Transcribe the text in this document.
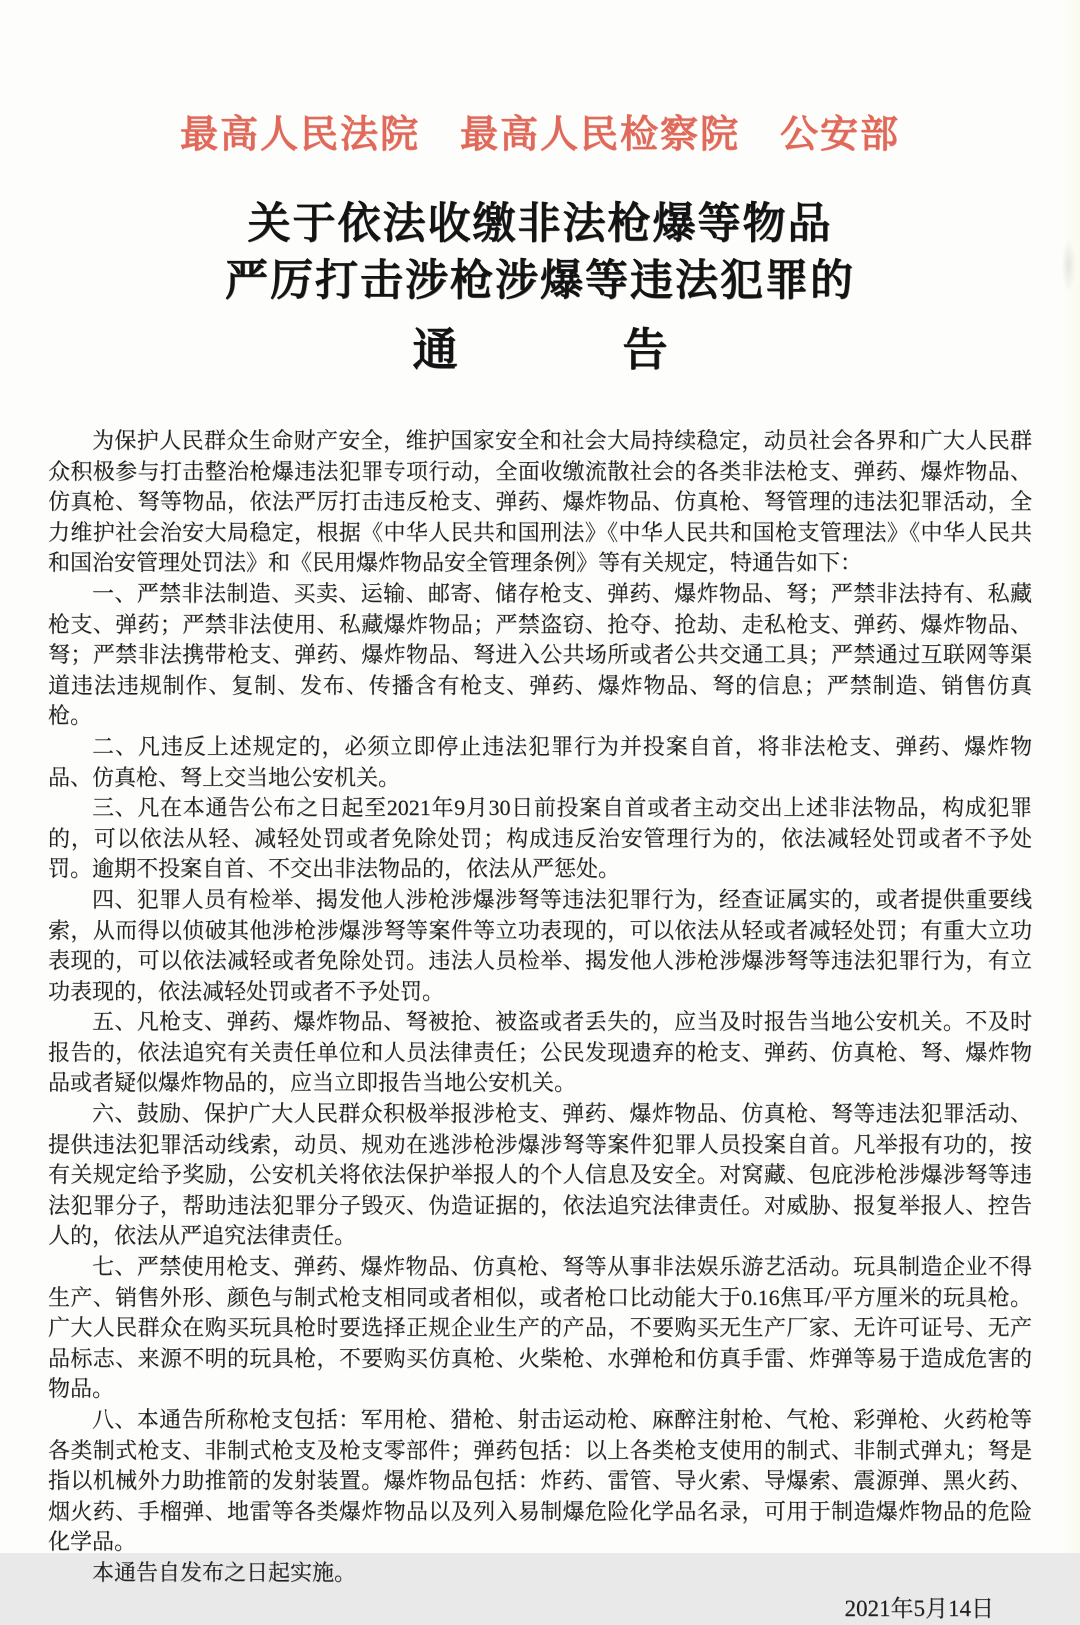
最高人民法院 最高人民检察院 公安部
关于依法收缴非法枪爆等物品
严厉打击涉枪涉爆等违法犯罪的
通	告

为保护人民群众生命财产安全，维护国家安全和社会大局持续稳定，动员社会各界和广大人民群众积极参与打击整治枪爆违法犯罪专项行动，全面收缴流散社会的各类非法枪支、弹药、爆炸物品、仿真枪、弩等物品，依法严厉打击违反枪支、弹药、爆炸物品、仿真枪、弩管理的违法犯罪活动，全力维护社会治安大局稳定，根据《中华人民共和国刑法》《中华人民共和国枪支管理法》《中华人民共和国治安管理处罚法》和《民用爆炸物品安全管理条例》等有关规定，特通告如下：

一、严禁非法制造、买卖、运输、邮寄、储存枪支、弹药、爆炸物品、弩；严禁非法持有、私藏枪支、弹药；严禁非法使用、私藏爆炸物品；严禁盗窃、抢夺、抢劫、走私枪支、弹药、爆炸物品、弩；严禁非法携带枪支、弹药、爆炸物品、弩进入公共场所或者公共交通工具；严禁通过互联网等渠道违法违规制作、复制、发布、传播含有枪支、弹药、爆炸物品、弩的信息；严禁制造、销售仿真枪。

二、凡违反上述规定的，必须立即停止违法犯罪行为并投案自首，将非法枪支、弹药、爆炸物品、仿真枪、弩上交当地公安机关。

三、凡在本通告公布之日起至2021年9月30日前投案自首或者主动交出上述非法物品，构成犯罪的，可以依法从轻、减轻处罚或者免除处罚；构成违反治安管理行为的，依法减轻处罚或者不予处罚。逾期不投案自首、不交出非法物品的，依法从严惩处。

四、犯罪人员有检举、揭发他人涉枪涉爆涉弩等违法犯罪行为，经查证属实的，或者提供重要线索，从而得以侦破其他涉枪涉爆涉弩等案件等立功表现的，可以依法从轻或者减轻处罚；有重大立功表现的，可以依法减轻或者免除处罚。违法人员检举、揭发他人涉枪涉爆涉弩等违法犯罪行为，有立功表现的，依法减轻处罚或者不予处罚。

五、凡枪支、弹药、爆炸物品、弩被抢、被盗或者丢失的，应当及时报告当地公安机关。不及时报告的，依法追究有关责任单位和人员法律责任；公民发现遗弃的枪支、弹药、仿真枪、弩、爆炸物品或者疑似爆炸物品的，应当立即报告当地公安机关。

六、鼓励、保护广大人民群众积极举报涉枪支、弹药、爆炸物品、仿真枪、弩等违法犯罪活动、提供违法犯罪活动线索，动员、规劝在逃涉枪涉爆涉弩等案件犯罪人员投案自首。凡举报有功的，按有关规定给予奖励，公安机关将依法保护举报人的个人信息及安全。对窝藏、包庇涉枪涉爆涉弩等违法犯罪分子，帮助违法犯罪分子毁灭、伪造证据的，依法追究法律责任。对威胁、报复举报人、控告人的，依法从严追究法律责任。

七、严禁使用枪支、弹药、爆炸物品、仿真枪、弩等从事非法娱乐游艺活动。玩具制造企业不得生产、销售外形、颜色与制式枪支相同或者相似，或者枪口比动能大于0.16焦耳/平方厘米的玩具枪。广大人民群众在购买玩具枪时要选择正规企业生产的产品，不要购买无生产厂家、无许可证号、无产品标志、来源不明的玩具枪，不要购买仿真枪、火柴枪、水弹枪和仿真手雷、炸弹等易于造成危害的物品。

八、本通告所称枪支包括：军用枪、猎枪、射击运动枪、麻醉注射枪、气枪、彩弹枪、火药枪等各类制式枪支、非制式枪支及枪支零部件；弹药包括：以上各类枪支使用的制式、非制式弹丸；弩是指以机械外力助推箭的发射装置。爆炸物品包括：炸药、雷管、导火索、导爆索、震源弹、黑火药、烟火药、手榴弹、地雷等各类爆炸物品以及列入易制爆危险化学品名录，可用于制造爆炸物品的危险化学品。

本通告自发布之日起实施。

2021年5月14日
